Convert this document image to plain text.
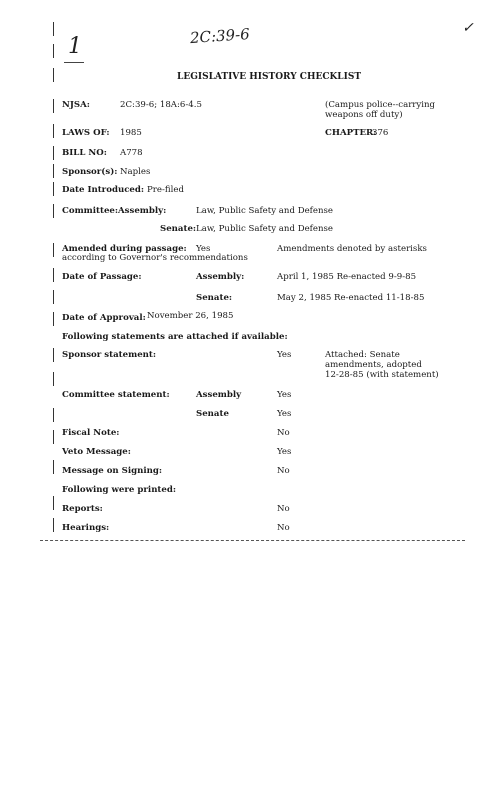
2C:39-6
1
✓
LEGISLATIVE HISTORY CHECKLIST
NJSA:	2C:39-6; 18A:6-4.5	(Campus police--carrying weapons off duty)
LAWS OF: 1985	CHAPTER:
376
BILL NO: A778
Sponsor(s): Naples
Date Introduced: Pre-filed
Committee: Assembly:	Law, Public Safety and Defense
Senate: Law, Public Safety and Defense
Amended during passage: Yes	Amendments denoted by asterisks
according to Governor's recommendations
Date of Passage:	Assembly:	April 1, 1985 Re-enacted 9-9-85
Senate:	May 2, 1985 Re-enacted 11-18-85
Date of Approval: November 26, 1985
Following statements are attached if available:
Sponsor statement:	Yes	Attached: Senate
amendments, adopted
12-28-85 (with statement)
Committee statement:	Assembly	Yes
Senate	Yes
Fiscal Note:	No
Veto Message:	Yes
Message on Signing:	No
Following were printed:
Reports:	No
Hearings:	No
